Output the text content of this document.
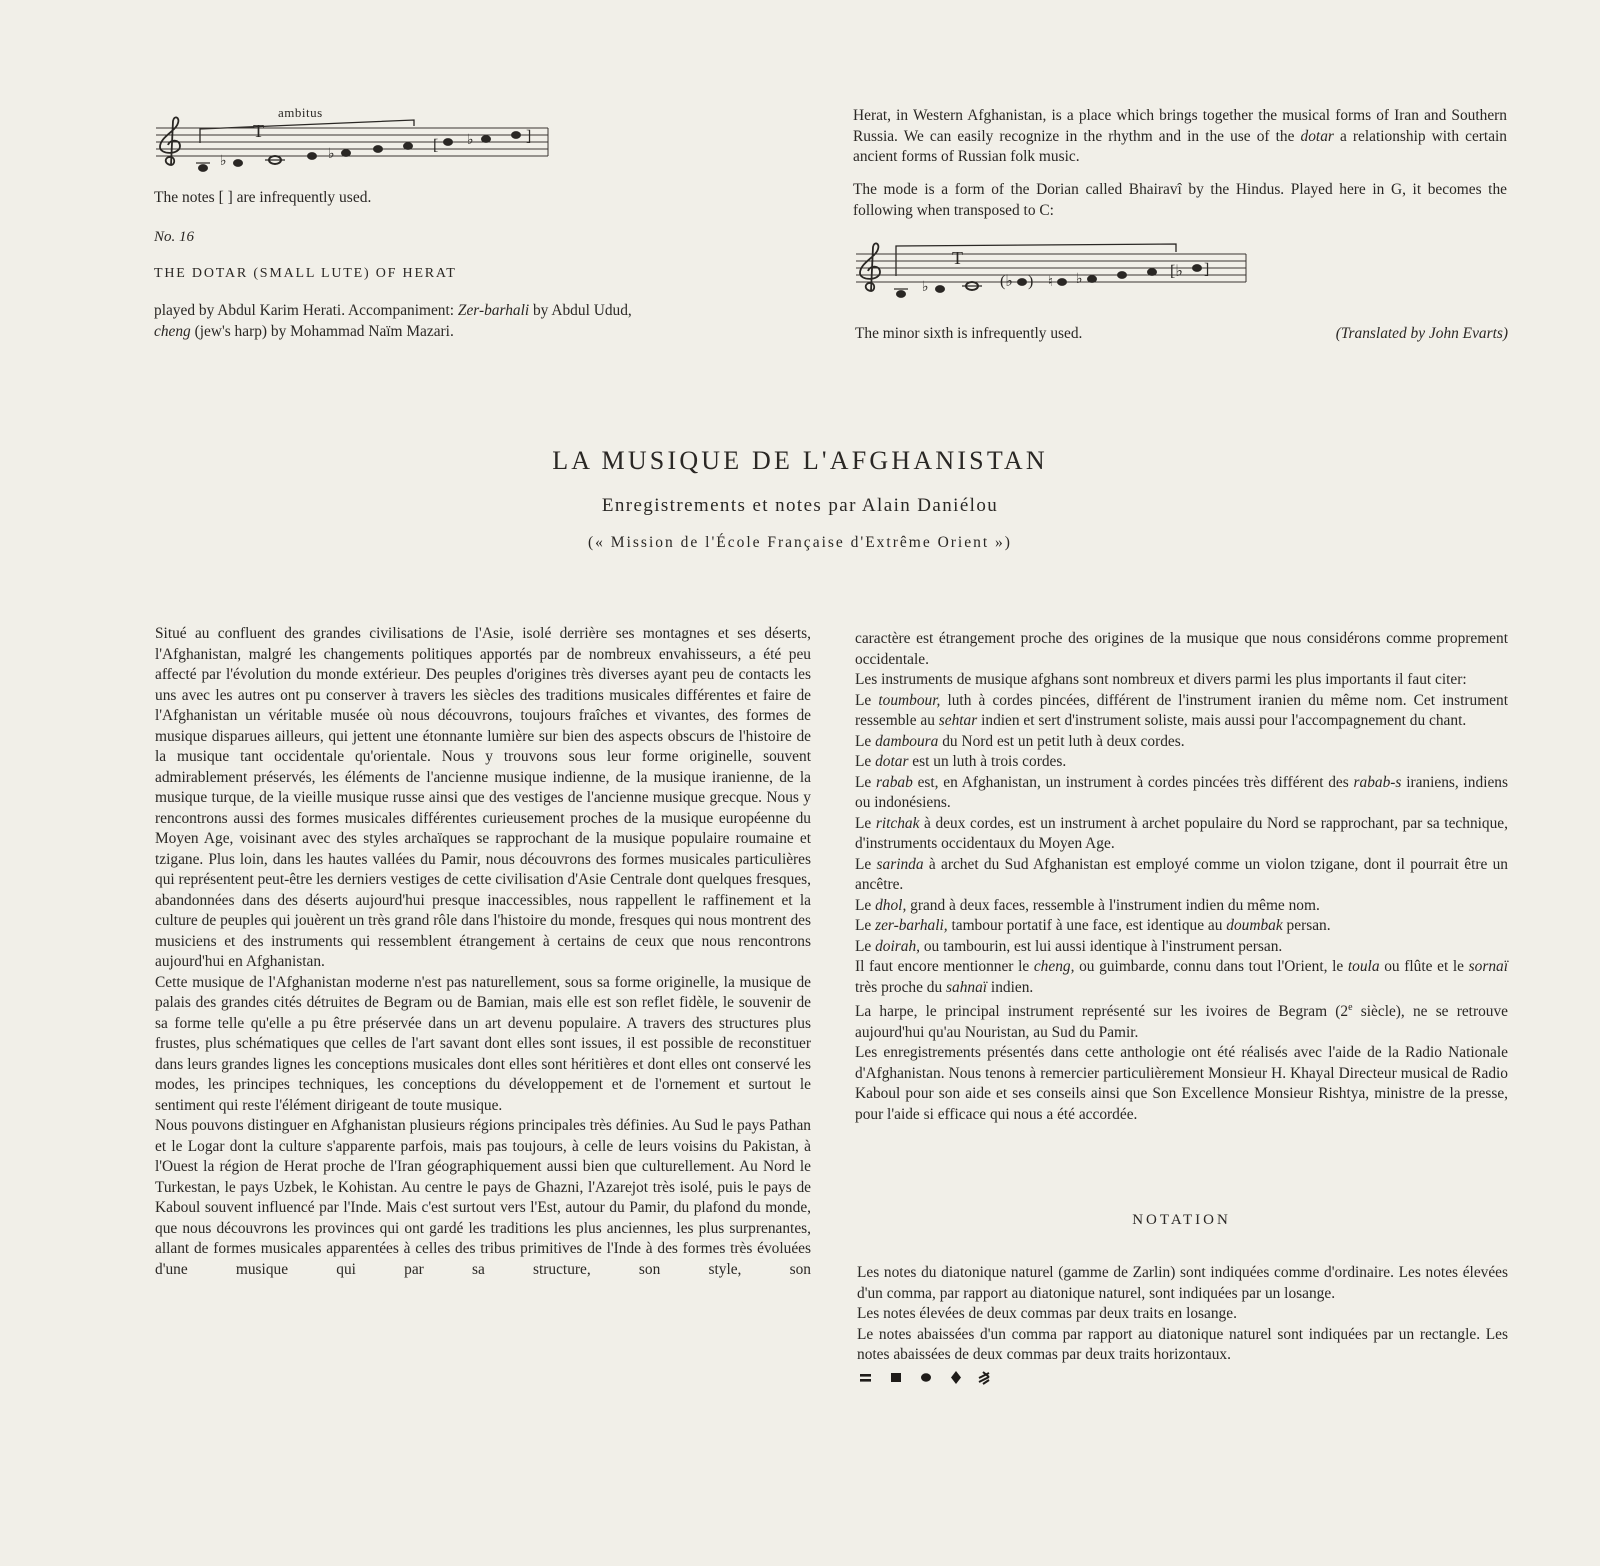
ambitus
♭
T
♭	[ ♭	]
The notes [ ] are infrequently used.
No. 16
THE DOTAR (SMALL LUTE) OF HERAT
played by Abdul Karim Herati. Accompaniment: Zer-barhali by Abdul Udud,
cheng (jew's harp) by Mohammad Naïm Mazari.
Herat, in Western Afghanistan, is a place which brings together the musical forms of Iran and Southern Russia. We can easily recognize in the rhythm and in the use of the dotar a relationship with certain ancient forms of Russian folk music.
The mode is a form of the Dorian called Bhairavî by the Hindus. Played here in G, it becomes the following when transposed to C:
♭
T
(♭ ) ♮ ♭	[♭ ]
The minor sixth is infrequently used.	(Translated by John Evarts)
LA MUSIQUE DE L'AFGHANISTAN
Enregistrements et notes par Alain Daniélou
(« Mission de l'École Française d'Extrême Orient »)

Situé au confluent des grandes civilisations de l'Asie, isolé derrière ses montagnes et ses déserts, l'Afghanistan, malgré les changements politiques apportés par de nombreux envahisseurs, a été peu affecté par l'évolution du monde extérieur. Des peuples d'origines très diverses ayant peu de contacts les uns avec les autres ont pu conserver à travers les siècles des traditions musicales différentes et faire de l'Afghanistan un véritable musée où nous découvrons, toujours fraîches et vivantes, des formes de musique disparues ailleurs, qui jettent une étonnante lumière sur bien des aspects obscurs de l'histoire de la musique tant occidentale qu'orientale. Nous y trouvons sous leur forme originelle, souvent admirablement préservés, les éléments de l'ancienne musique indienne, de la musique iranienne, de la musique turque, de la vieille musique russe ainsi que des vestiges de l'ancienne musique grecque. Nous y rencontrons aussi des formes musicales différentes curieusement proches de la musique européenne du Moyen Age, voisinant avec des styles archaïques se rapprochant de la musique populaire roumaine et tzigane. Plus loin, dans les hautes vallées du Pamir, nous découvrons des formes musicales particulières qui représentent peut-être les derniers vestiges de cette civilisation d'Asie Centrale dont quelques fresques, abandonnées dans des déserts aujourd'hui presque inaccessibles, nous rappellent le raffinement et la culture de peuples qui jouèrent un très grand rôle dans l'histoire du monde, fresques qui nous montrent des musiciens et des instruments qui ressemblent étrangement à certains de ceux que nous rencontrons aujourd'hui en Afghanistan.

Cette musique de l'Afghanistan moderne n'est pas naturellement, sous sa forme originelle, la musique de palais des grandes cités détruites de Begram ou de Bamian, mais elle est son reflet fidèle, le souvenir de sa forme telle qu'elle a pu être préservée dans un art devenu populaire. A travers des structures plus frustes, plus schématiques que celles de l'art savant dont elles sont issues, il est possible de reconstituer dans leurs grandes lignes les conceptions musicales dont elles sont héritières et dont elles ont conservé les modes, les principes techniques, les conceptions du développement et de l'ornement et surtout le sentiment qui reste l'élément dirigeant de toute musique.

Nous pouvons distinguer en Afghanistan plusieurs régions principales très définies. Au Sud le pays Pathan et le Logar dont la culture s'apparente parfois, mais pas toujours, à celle de leurs voisins du Pakistan, à l'Ouest la région de Herat proche de l'Iran géographiquement aussi bien que culturellement. Au Nord le Turkestan, le pays Uzbek, le Kohistan. Au centre le pays de Ghazni, l'Azarejot très isolé, puis le pays de Kaboul souvent influencé par l'Inde. Mais c'est surtout vers l'Est, autour du Pamir, du plafond du monde, que nous découvrons les provinces qui ont gardé les traditions les plus anciennes, les plus surprenantes, allant de formes musicales apparentées à celles des tribus primitives de l'Inde à des formes très évoluées d'une musique qui par sa structure, son style, son

caractère est étrangement proche des origines de la musique que nous considérons comme proprement occidentale.

Les instruments de musique afghans sont nombreux et divers parmi les plus importants il faut citer:

Le toumbour, luth à cordes pincées, différent de l'instrument iranien du même nom. Cet instrument ressemble au sehtar indien et sert d'instrument soliste, mais aussi pour l'accompagnement du chant.

Le damboura du Nord est un petit luth à deux cordes.

Le dotar est un luth à trois cordes.

Le rabab est, en Afghanistan, un instrument à cordes pincées très différent des rabab-s iraniens, indiens ou indonésiens.

Le ritchak à deux cordes, est un instrument à archet populaire du Nord se rapprochant, par sa technique, d'instruments occidentaux du Moyen Age.

Le sarinda à archet du Sud Afghanistan est employé comme un violon tzigane, dont il pourrait être un ancêtre.

Le dhol, grand à deux faces, ressemble à l'instrument indien du même nom.

Le zer-barhali, tambour portatif à une face, est identique au doumbak persan.

Le doirah, ou tambourin, est lui aussi identique à l'instrument persan.

Il faut encore mentionner le cheng, ou guimbarde, connu dans tout l'Orient, le toula ou flûte et le sornaï très proche du sahnaï indien.

La harpe, le principal instrument représenté sur les ivoires de Begram (2e siècle), ne se retrouve aujourd'hui qu'au Nouristan, au Sud du Pamir.

Les enregistrements présentés dans cette anthologie ont été réalisés avec l'aide de la Radio Nationale d'Afghanistan. Nous tenons à remercier particulièrement Monsieur H. Khayal Directeur musical de Radio Kaboul pour son aide et ses conseils ainsi que Son Excellence Monsieur Rishtya, ministre de la presse, pour l'aide si efficace qui nous a été accordée.

NOTATION

Les notes du diatonique naturel (gamme de Zarlin) sont indiquées comme d'ordinaire. Les notes élevées d'un comma, par rapport au diatonique naturel, sont indiquées par un losange.

Les notes élevées de deux commas par deux traits en losange.

Le notes abaissées d'un comma par rapport au diatonique naturel sont indiquées par un rectangle. Les notes abaissées de deux commas par deux traits horizontaux.
